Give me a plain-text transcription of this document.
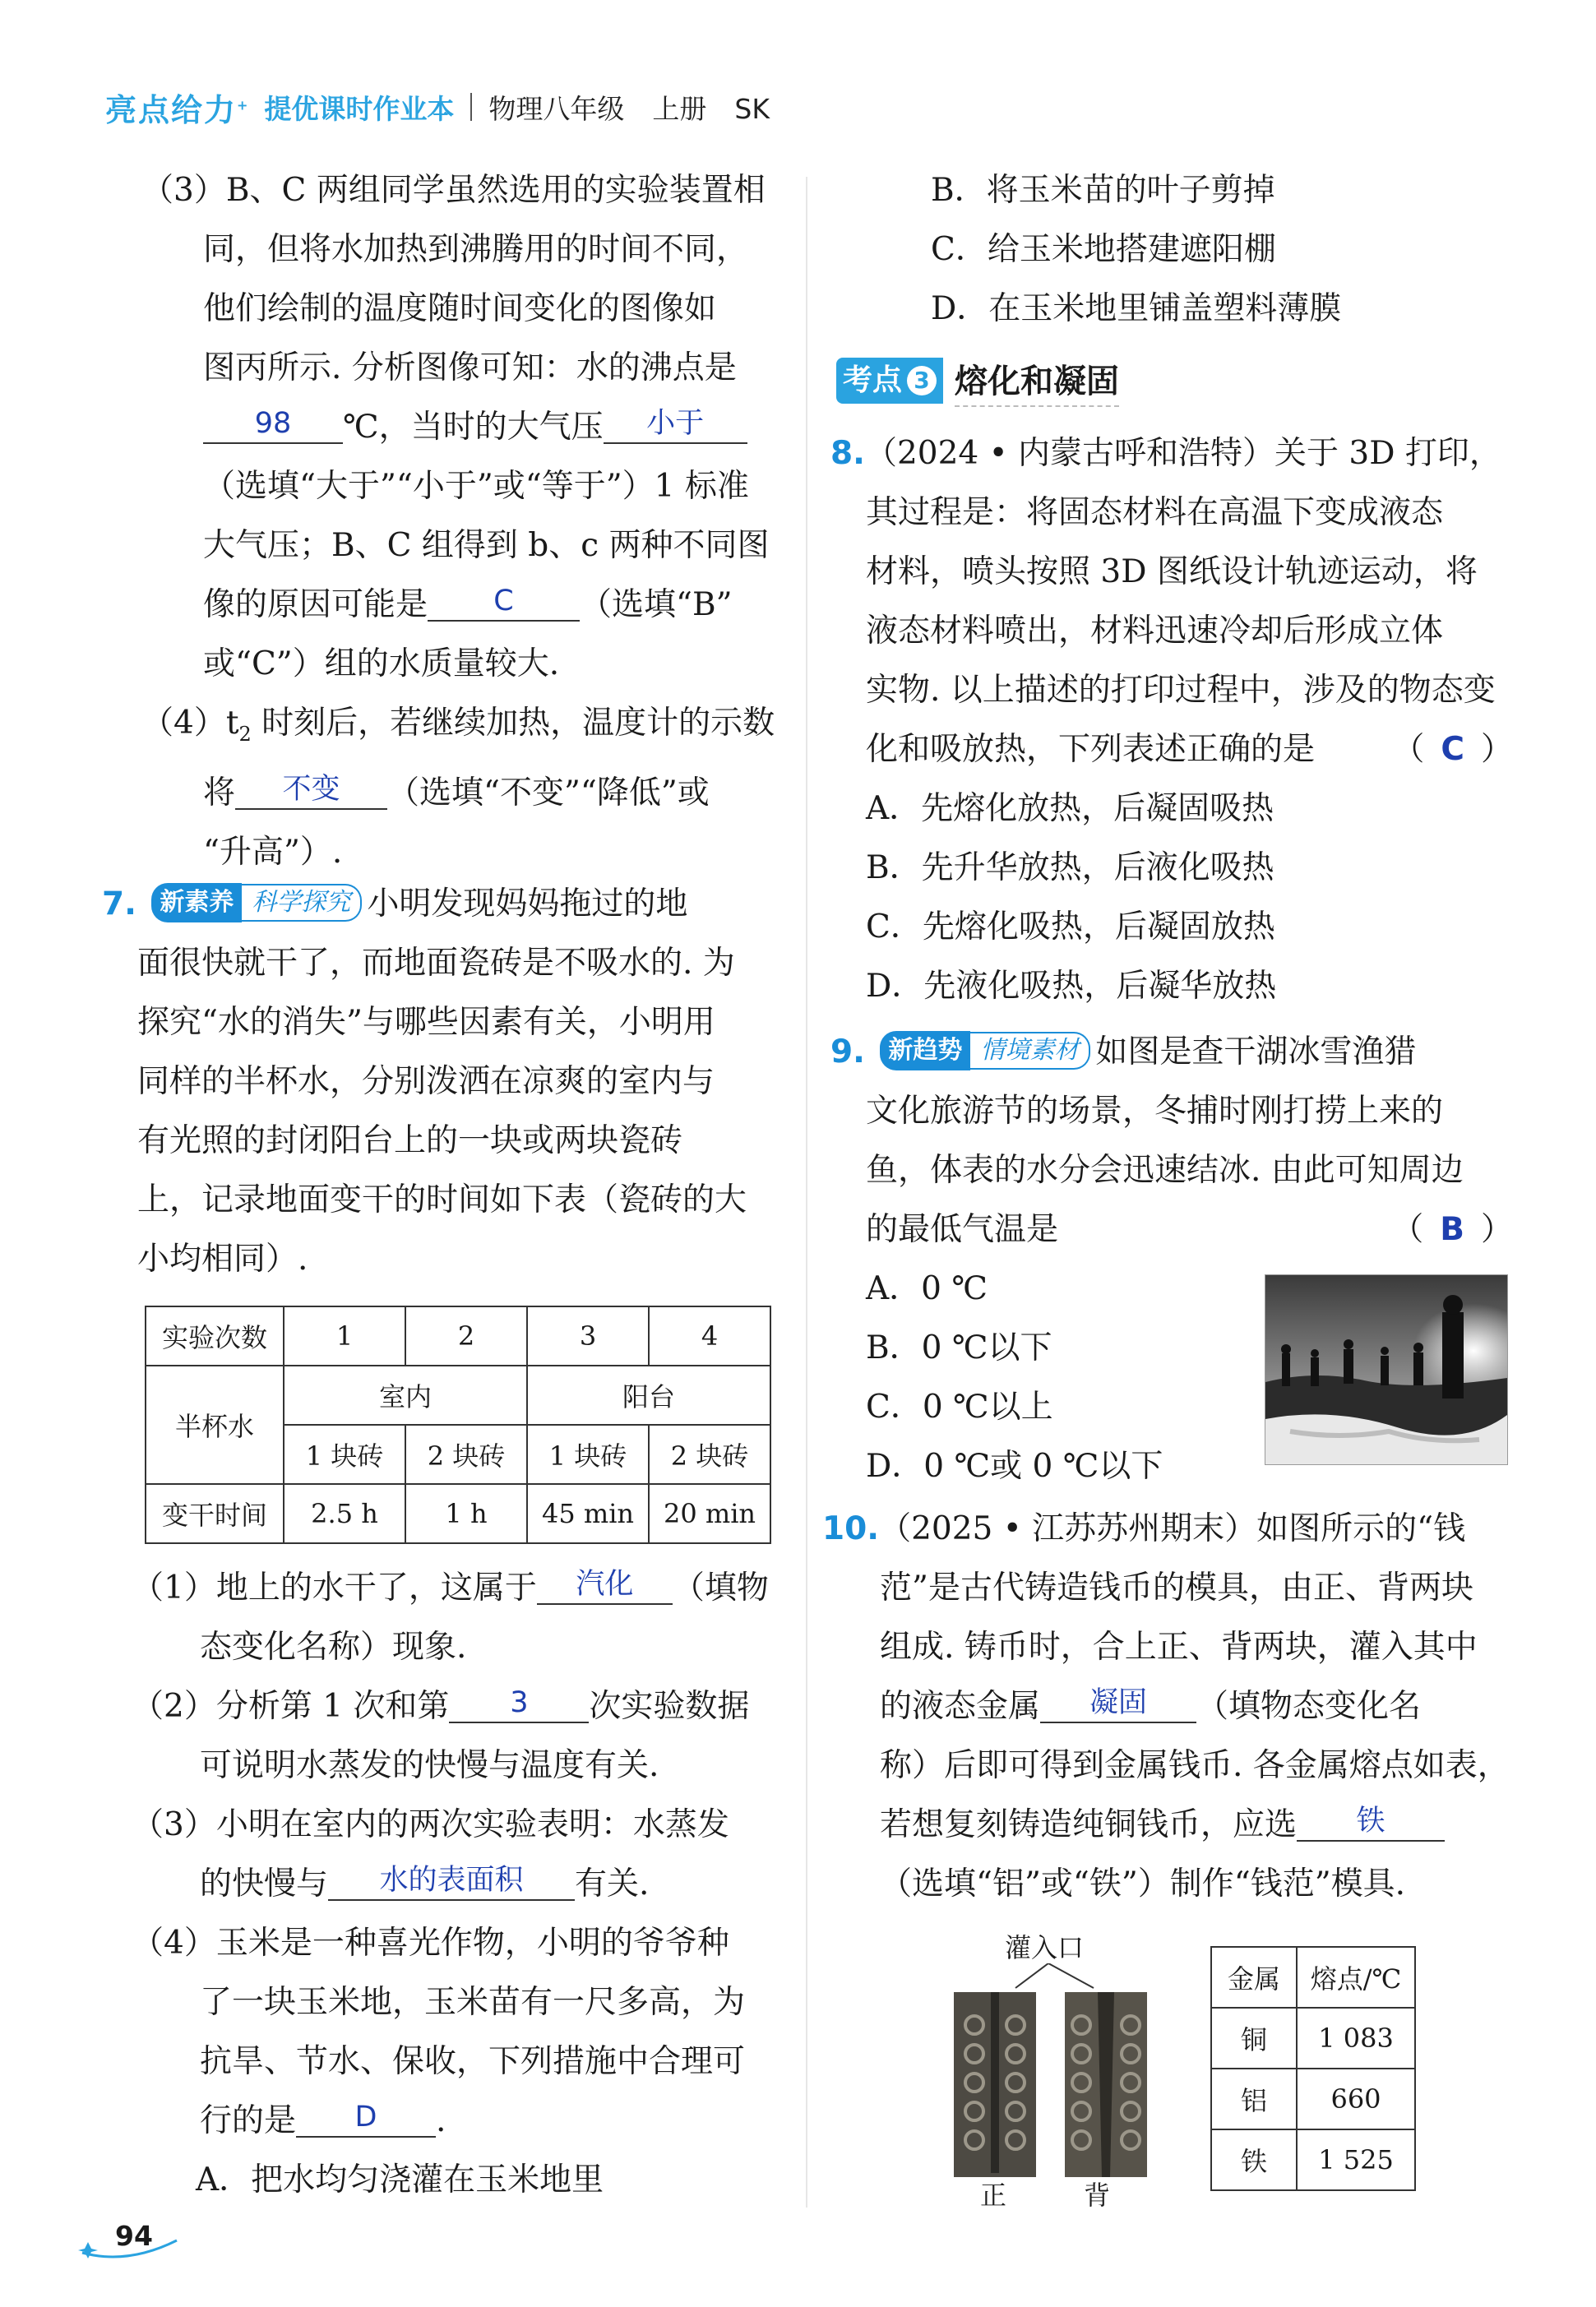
亮点给力+ 提优课时作业本 物理八年级 上册 SK
（3）B、C 两组同学虽然选用的实验装置相
同，但将水加热到沸腾用的时间不同，
他们绘制的温度随时间变化的图像如
图丙所示. 分析图像可知：水的沸点是
98 ℃，当时的大气压 小于
（选填“大于”“小于”或“等于”）1 标准
大气压；B、C 组得到 b、c 两种不同图
像的原因可能是 C （选填“B”
或“C”）组的水质量较大.
$(4)t_2$ 时刻后，若继续加热，温度计的示数
将 不变 （选填“不变”“降低”或
“升高”）.
7. 新素养 科学探究 小明发现妈妈拖过的地
面很快就干了，而地面瓷砖是不吸水的. 为
探究“水的消失”与哪些因素有关，小明用
同样的半杯水，分别泼洒在凉爽的室内与
有光照的封闭阳台上的一块或两块瓷砖
上，记录地面变干的时间如下表（瓷砖的大
小均相同）.
实验次数	1	2	3	4
半杯水	室内		阳台	
	1 块砖	2 块砖	1 块砖	2 块砖
变干时间	2.5 h	1 h	45 min	20 min
（1）地上的水干了，这属于 汽化 （填物
态变化名称）现象.
（2）分析第 1 次和第 3 次实验数据
可说明水蒸发的快慢与温度有关.
（3）小明在室内的两次实验表明：水蒸发
的快慢与 水的表面积 有关.
（4）玉米是一种喜光作物，小明的爷爷种
了一块玉米地，玉米苗有一尺多高，为
抗旱、节水、保收，下列措施中合理可
行的是 D .
A．把水均匀浇灌在玉米地里
B．将玉米苗的叶子剪掉
C．给玉米地搭建遮阳棚
D．在玉米地里铺盖塑料薄膜
考点 3 熔化和凝固
8.（2024 • 内蒙古呼和浩特）关于 3D 打印，
其过程是：将固态材料在高温下变成液态
材料，喷头按照 3D 图纸设计轨迹运动，将
液态材料喷出，材料迅速冷却后形成立体
实物. 以上描述的打印过程中，涉及的物态变
化和吸放热，下列表述正确的是 （ C ）
A．先熔化放热，后凝固吸热
B．先升华放热，后液化吸热
C．先熔化吸热，后凝固放热
D．先液化吸热，后凝华放热
9. 新趋势 情境素材 如图是查干湖冰雪渔猎
文化旅游节的场景，冬捕时刚打捞上来的
鱼，体表的水分会迅速结冰. 由此可知周边
的最低气温是	（ B ）
A．0 ℃
B．0 ℃以下
C．0 ℃以上
D．0 ℃或 0 ℃以下
10.（2025 • 江苏苏州期末）如图所示的“钱
范”是古代铸造钱币的模具，由正、背两块
组成. 铸币时，合上正、背两块，灌入其中
的液态金属 凝固 （填物态变化名
称）后即可得到金属钱币. 各金属熔点如表，
若想复刻铸造纯铜钱币，应选 铁
（选填“铝”或“铁”）制作“钱范”模具.
灌入口
正	背
金属	熔点/℃
铜	1 083
铝	660
铁	1 525
94
